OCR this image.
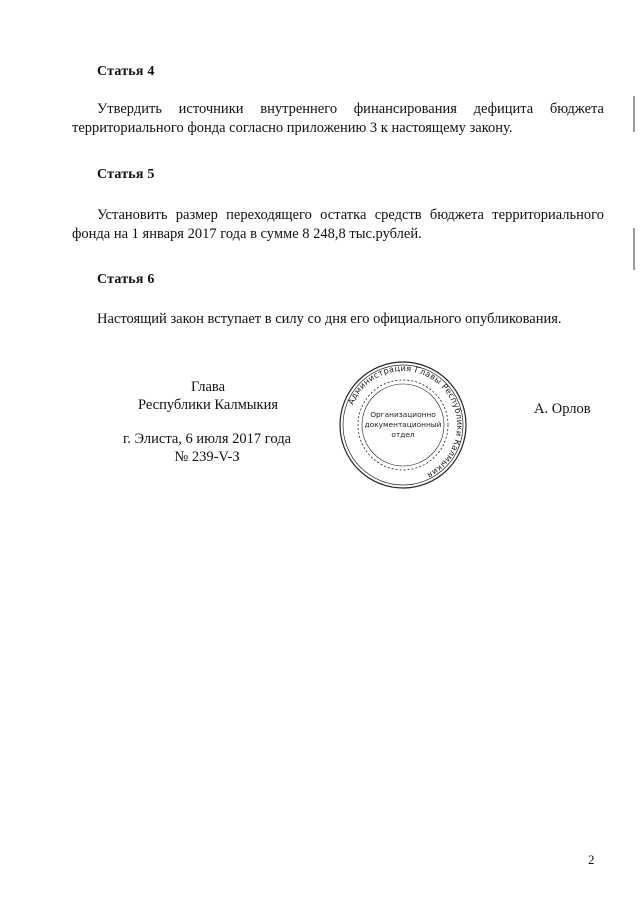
Статья 4
Утвердить источники внутреннего финансирования дефицита бюджета
территориального фонда согласно приложению 3 к настоящему закону.
Статья 5
Установить размер переходящего остатка средств бюджета территориального
фонда на 1 января 2017 года в сумме 8 248,8 тыс.рублей.
Статья 6
Настоящий закон вступает в силу со дня его официального опубликования.
Глава
Республики Калмыкия
г. Элиста, 6 июля 2017 года
№ 239-V-З
А. Орлов
Администрация Главы Республики Калмыкия
Организационно
документационный
отдел
2
